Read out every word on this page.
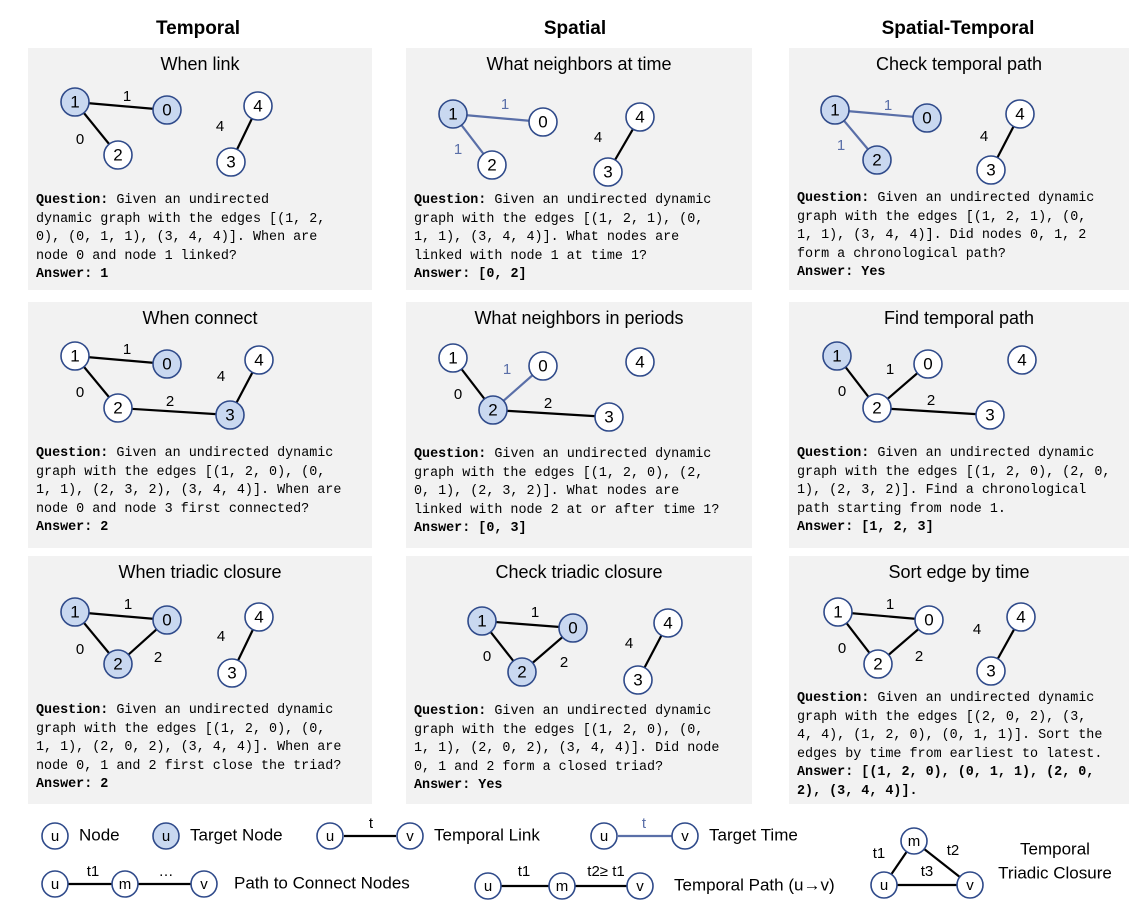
Temporal	Spatial	Spatial-Temporal
When link	What neighbors at time	Check temporal path
When connect	What neighbors in periods	Find temporal path
When triadic closure	Check triadic closure	Sort edge by time
1
0
4
1	0
2
4
3
1
1
4
1	0
2
4
3
1
1
4
1	0
2
4
3
1
0
2
4
1	0
2	3
4
0
1
2
1	0
2	3
4
0
1
2
1	0
2	3
4
1
0	2
4
1	0
2
4
3
1
0	2
4
1	0
2
4
3
1
0	2
4
1	0
2
4
3
u Node	u Target Node	u	v
t
Temporal Link	u	v
t
Target Time
u	m	v
t1	…
Path to Connect Nodes	u	m	v
t1	t2≥ t1
Temporal Path (u→v)
m
u	v
t1	t2
t3
Temporal
Triadic Closure
Question: Given an undirected
dynamic graph with the edges [(1, 2,
0), (0, 1, 1), (3, 4, 4)]. When are
node 0 and node 1 linked?
Answer: 1
Question: Given an undirected dynamic
graph with the edges [(1, 2, 1), (0,
1, 1), (3, 4, 4)]. What nodes are
linked with node 1 at time 1?
Answer: [0, 2]
Question: Given an undirected dynamic
graph with the edges [(1, 2, 1), (0,
1, 1), (3, 4, 4)]. Did nodes 0, 1, 2
form a chronological path?
Answer: Yes
Question: Given an undirected dynamic
graph with the edges [(1, 2, 0), (0,
1, 1), (2, 3, 2), (3, 4, 4)]. When are
node 0 and node 3 first connected?
Answer: 2
Question: Given an undirected dynamic
graph with the edges [(1, 2, 0), (2,
0, 1), (2, 3, 2)]. What nodes are
linked with node 2 at or after time 1?
Answer: [0, 3]
Question: Given an undirected dynamic
graph with the edges [(1, 2, 0), (2, 0,
1), (2, 3, 2)]. Find a chronological
path starting from node 1.
Answer: [1, 2, 3]
Question: Given an undirected dynamic
graph with the edges [(1, 2, 0), (0,
1, 1), (2, 0, 2), (3, 4, 4)]. When are
node 0, 1 and 2 first close the triad?
Answer: 2
Question: Given an undirected dynamic
graph with the edges [(1, 2, 0), (0,
1, 1), (2, 0, 2), (3, 4, 4)]. Did node
0, 1 and 2 form a closed triad?
Answer: Yes
Question: Given an undirected dynamic
graph with the edges [(2, 0, 2), (3,
4, 4), (1, 2, 0), (0, 1, 1)]. Sort the
edges by time from earliest to latest.
Answer: [(1, 2, 0), (0, 1, 1), (2, 0,
2), (3, 4, 4)].
